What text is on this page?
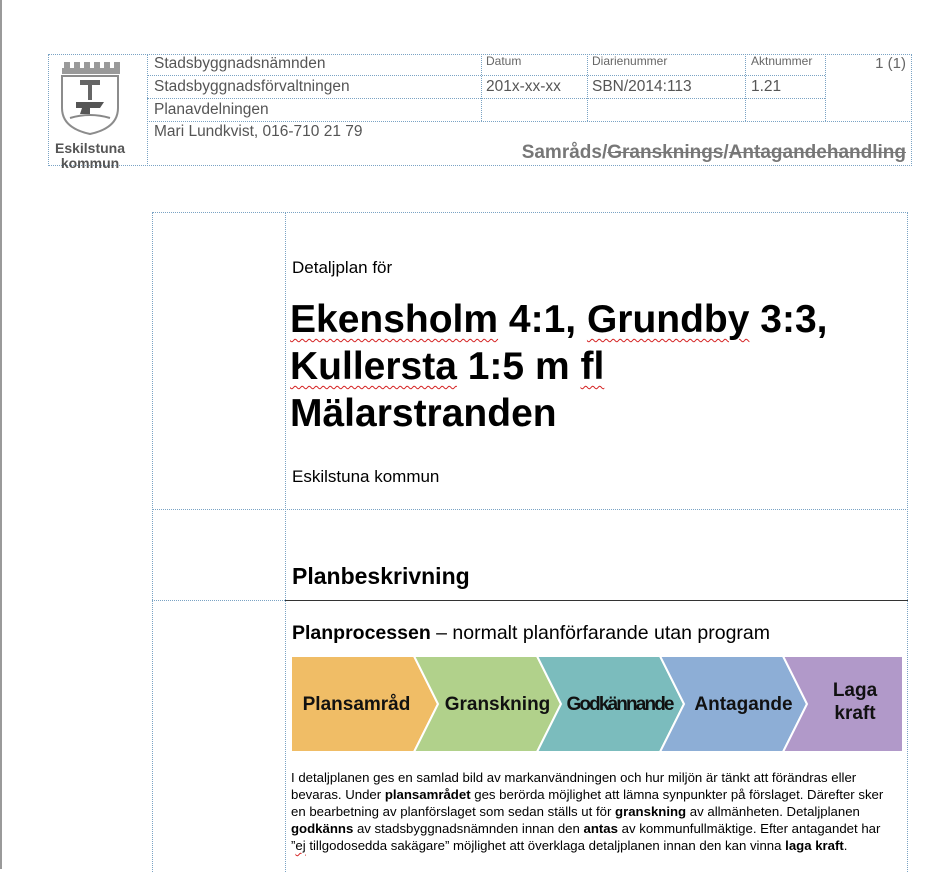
Eskilstuna
kommun
Stadsbyggnadsnämnden
Stadsbyggnadsförvaltningen
Planavdelningen
Mari Lundkvist, 016-710 21 79
Datum
201x-xx-xx
Diarienummer
SBN/2014:113
Aktnummer
1.21
1 (1)
Samråds/Gransknings/Antagandehandling
Detaljplan för
Ekensholm 4:1, Grundby 3:3,
Kullersta 1:5 m fl
Mälarstranden
Eskilstuna kommun
Planbeskrivning
Planprocessen – normalt planförfarande utan program
Plansamråd Granskning Godkännande Antagande
Laga kraft
I detaljplanen ges en samlad bild av markanvändningen och hur miljön är tänkt att förändras eller bevaras. Under plansamrådet ges berörda möjlighet att lämna synpunkter på förslaget. Därefter sker en bearbetning av planförslaget som sedan ställs ut för granskning av allmänheten. Detaljplanen godkänns av stadsbyggnadsnämnden innan den antas av kommunfullmäktige. Efter antagandet har ”ej tillgodosedda sakägare” möjlighet att överklaga detaljplanen innan den kan vinna laga kraft.
